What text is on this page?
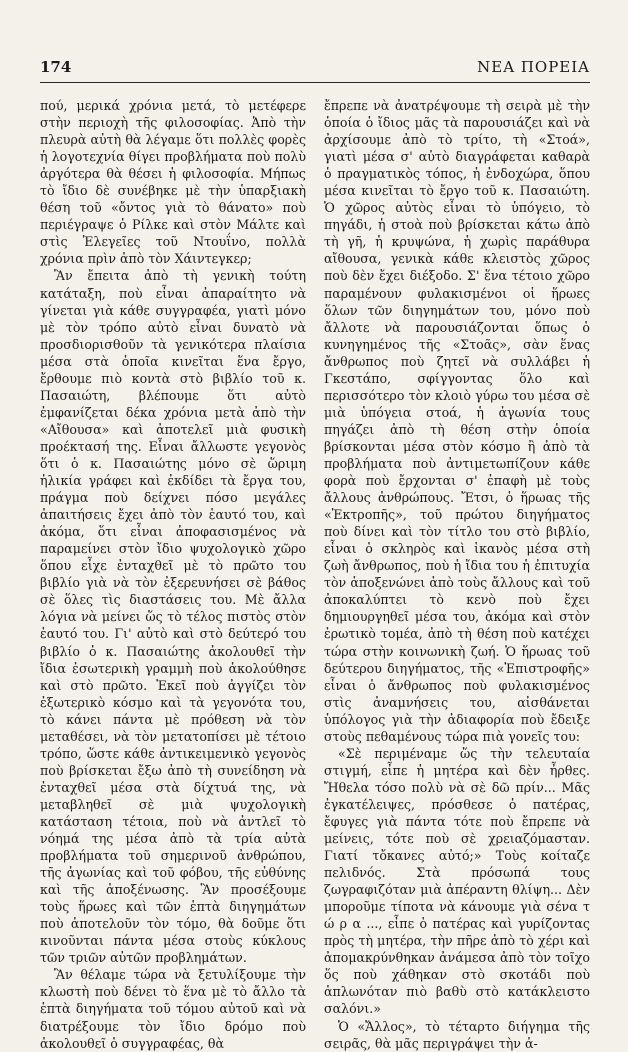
174	ΝΕΑ ΠΟΡΕΙΑ

πού, μερικά χρόνια μετά, τὸ μετέφερε στὴν περιοχὴ τῆς φιλοσοφίας. Ἀπὸ τὴν πλευρὰ αὐτὴ θὰ λέγαμε ὅτι πολλὲς φορὲς ἡ λογοτεχνία θίγει προβλήματα ποὺ πολὺ ἀργότερα θὰ θέσει ἡ φιλοσοφία. Μήπως τὸ ἴδιο δὲ συνέβηκε μὲ τὴν ὑπαρξιακὴ θέση τοῦ «ὄντος γιὰ τὸ θάνατο» ποὺ περιέγραψε ὁ Ρίλκε καὶ στὸν Μάλτε καὶ στὶς Ἐλεγεῖες τοῦ Ντουΐνο, πολλὰ χρόνια πρὶν ἀπὸ τὸν Χάιντεγκερ;

Ἂν ἔπειτα ἀπὸ τὴ γενικὴ τούτη κατάταξη, ποὺ εἶναι ἀπαραίτητο νὰ γίνεται γιὰ κάθε συγγραφέα, γιατὶ μόνο μὲ τὸν τρόπο αὐτὸ εἶναι δυνατὸ νὰ προσδιορισθοῦν τὰ γενικότερα πλαίσια μέσα στὰ ὁποῖα κινεῖται ἕνα ἔργο, ἔρθουμε πιὸ κοντὰ στὸ βιβλίο τοῦ κ. Πασαιώτη, βλέπουμε ὅτι αὐτὸ ἐμφανίζεται δέκα χρόνια μετὰ ἀπὸ τὴν «Αἴθουσα» καὶ ἀποτελεῖ μιὰ φυσικὴ προέκτασή της. Εἶναι ἄλλωστε γεγονὸς ὅτι ὁ κ. Πασαιώτης μόνο σὲ ὥριμη ἡλικία γράφει καὶ ἐκδίδει τὰ ἔργα του, πράγμα ποὺ δείχνει πόσο μεγάλες ἀπαιτήσεις ἔχει ἀπὸ τὸν ἑαυτό του, καὶ ἀκόμα, ὅτι εἶναι ἀποφασισμένος νὰ παραμείνει στὸν ἴδιο ψυχολογικὸ χῶρο ὅπου εἶχε ἐνταχθεῖ μὲ τὸ πρῶτο του βιβλίο γιὰ νὰ τὸν ἐξερευνήσει σὲ βάθος σὲ ὅλες τὶς διαστάσεις του. Μὲ ἄλλα λόγια νὰ μείνει ὥς τὸ τέλος πιστὸς στὸν ἑαυτό του. Γι' αὐτὸ καὶ στὸ δεύτερό του βιβλίο ὁ κ. Πασαιώτης ἀκολουθεῖ τὴν ἴδια ἐσωτερικὴ γραμμὴ ποὺ ἀκολούθησε καὶ στὸ πρῶτο. Ἐκεῖ ποὺ ἀγγίζει τὸν ἐξωτερικὸ κόσμο καὶ τὰ γεγονότα του, τὸ κάνει πάντα μὲ πρόθεση νὰ τὸν μεταθέσει, νὰ τὸν μετατοπίσει μὲ τέτοιο τρόπο, ὥστε κάθε ἀντικειμενικὸ γεγονὸς ποὺ βρίσκεται ἔξω ἀπὸ τὴ συνείδηση νὰ ἐνταχθεῖ μέσα στὰ δίχτυά της, νὰ μεταβληθεῖ σὲ μιὰ ψυχολογικὴ κατάσταση τέτοια, ποὺ νὰ ἀντλεῖ τὸ νόημά της μέσα ἀπὸ τὰ τρία αὐτὰ προβλήματα τοῦ σημερινοῦ ἀνθρώπου, τῆς ἀγωνίας καὶ τοῦ φόβου, τῆς εὐθύνης καὶ τῆς ἀποξένωσης. Ἂν προσέξουμε τοὺς ἥρωες καὶ τῶν ἑπτὰ διηγημάτων ποὺ ἀποτελοῦν τὸν τόμο, θὰ δοῦμε ὅτι κινοῦνται πάντα μέσα στοὺς κύκλους τῶν τριῶν αὐτῶν προβλημάτων.

Ἂν θέλαμε τώρα νὰ ξετυλίξουμε τὴν κλωστὴ ποὺ δένει τὸ ἕνα μὲ τὸ ἄλλο τὰ ἑπτὰ διηγήματα τοῦ τόμου αὐτοῦ καὶ νὰ διατρέξουμε τὸν ἴδιο δρόμο ποὺ ἀκολουθεῖ ὁ συγγραφέας, θὰ

ἔπρεπε νὰ ἀνατρέψουμε τὴ σειρὰ μὲ τὴν ὁποία ὁ ἴδιος μᾶς τὰ παρουσιάζει καὶ νὰ ἀρχίσουμε ἀπὸ τὸ τρίτο, τὴ «Στοά», γιατὶ μέσα σ' αὐτὸ διαγράφεται καθαρὰ ὁ πραγματικὸς τόπος, ἡ ἐνδοχώρα, ὅπου μέσα κινεῖται τὸ ἔργο τοῦ κ. Πασαιώτη. Ὁ χῶρος αὐτὸς εἶναι τὸ ὑπόγειο, τὸ πηγάδι, ἡ στοὰ ποὺ βρίσκεται κάτω ἀπὸ τὴ γῆ, ἡ κρυψώνα, ἡ χωρὶς παράθυρα αἴθουσα, γενικὰ κάθε κλειστὸς χῶρος ποὺ δὲν ἔχει διέξοδο. Σ' ἕνα τέτοιο χῶρο παραμένουν φυλακισμένοι οἱ ἥρωες ὅλων τῶν διηγημάτων του, μόνο ποὺ ἄλλοτε νὰ παρουσιάζονται ὅπως ὁ κυνηγημένος τῆς «Στοᾶς», σὰν ἕνας ἄνθρωπος ποὺ ζητεῖ νὰ συλλάβει ἡ Γκεστάπο, σφίγγοντας ὅλο καὶ περισσότερο τὸν κλοιὸ γύρω του μέσα σὲ μιὰ ὑπόγεια στοά, ἡ ἀγωνία τους πηγάζει ἀπὸ τὴ θέση στὴν ὁποία βρίσκονται μέσα στὸν κόσμο ἢ ἀπὸ τὰ προβλήματα ποὺ ἀντιμετωπίζουν κάθε φορὰ ποὺ ἔρχονται σ' ἐπαφὴ μὲ τοὺς ἄλλους ἀνθρώπους. Ἔτσι, ὁ ἥρωας τῆς «Ἐκτροπῆς», τοῦ πρώτου διηγήματος ποὺ δίνει καὶ τὸν τίτλο του στὸ βιβλίο, εἶναι ὁ σκληρὸς καὶ ἱκανὸς μέσα στὴ ζωὴ ἄνθρωπος, ποὺ ἡ ἴδια του ἡ ἐπιτυχία τὸν ἀποξενώνει ἀπὸ τοὺς ἄλλους καὶ τοῦ ἀποκαλύπτει τὸ κενὸ ποὺ ἔχει δημιουργηθεῖ μέσα του, ἀκόμα καὶ στὸν ἐρωτικὸ τομέα, ἀπὸ τὴ θέση ποὺ κατέχει τώρα στὴν κοινωνικὴ ζωή. Ὁ ἥρωας τοῦ δεύτερου διηγήματος, τῆς «Ἐπιστροφῆς» εἶναι ὁ ἄνθρωπος ποὺ φυλακισμένος στὶς ἀναμνήσεις του, αἰσθάνεται ὑπόλογος γιὰ τὴν ἀδιαφορία ποὺ ἔδειξε στοὺς πεθαμένους τώρα πιὰ γονεῖς του:

«Σὲ περιμέναμε ὥς τὴν τελευταία στιγμή, εἶπε ἡ μητέρα καὶ δὲν ἦρθες. Ἤθελα τόσο πολὺ νὰ σὲ δῶ πρίν... Μᾶς ἐγκατέλειψες, πρόσθεσε ὁ πατέρας, ἔφυγες γιὰ πάντα τότε ποὺ ἔπρεπε νὰ μείνεις, τότε ποὺ σὲ χρειαζόμασταν. Γιατί τὄκανες αὐτό;» Τοὺς κοίταζε πελιδνός. Στὰ πρόσωπά τους ζωγραφιζόταν μιὰ ἀπέραντη θλίψη... Δὲν μποροῦμε τίποτα νὰ κάνουμε γιὰ σένα τ ώ ρ α ..., εἶπε ὁ πατέρας καὶ γυρίζοντας πρὸς τὴ μητέρα, τὴν πῆρε ἀπὸ τὸ χέρι καὶ ἀπομακρύνθηκαν ἀνάμεσα ἀπὸ τὸν τοῖχο ὅς ποὺ χάθηκαν στὸ σκοτάδι ποὺ ἁπλωνόταν πιὸ βαθὺ στὸ κατάκλειστο σαλόνι.»

Ὁ «Ἄλλος», τὸ τέταρτο διήγημα τῆς σειρᾶς, θὰ μᾶς περιγράψει τὴν ἀ-
